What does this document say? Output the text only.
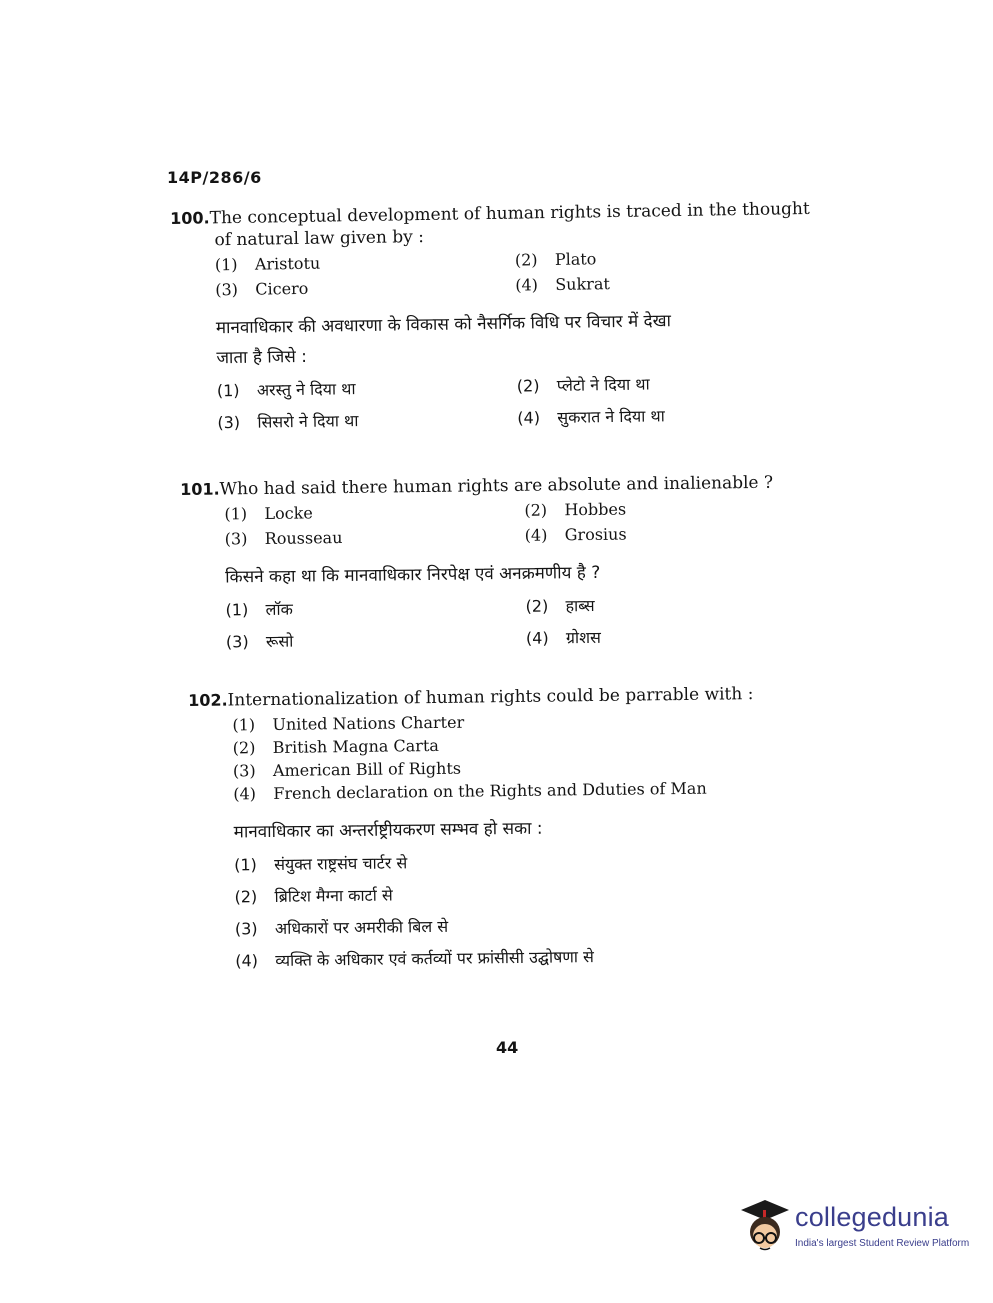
14P/286/6
100.The conceptual development of human rights is traced in the thought
of natural law given by :
(1) Aristotu	(2) Plato
(3) Cicero	(4) Sukrat
मानवाधिकार की अवधारणा के विकास को नैसर्गिक विधि पर विचार में देखा
जाता है जिसे :
(1) अरस्तु ने दिया था	(2) प्लेटो ने दिया था
(3) सिसरो ने दिया था	(4) सुकरात ने दिया था
101.Who had said there human rights are absolute and inalienable ?
(1) Locke	(2) Hobbes
(3) Rousseau	(4) Grosius
किसने कहा था कि मानवाधिकार निरपेक्ष एवं अनक्रमणीय है ?
(1) लॉक	(2) हाब्स
(3) रूसो	(4) ग्रोशस
102.Internationalization of human rights could be parrable with :
(1) United Nations Charter
(2) British Magna Carta
(3) American Bill of Rights
(4) French declaration on the Rights and Dduties of Man
मानवाधिकार का अन्तर्राष्ट्रीयकरण सम्भव हो सका :
(1) संयुक्त राष्ट्रसंघ चार्टर से
(2) ब्रिटिश मैग्ना कार्टा से
(3) अधिकारों पर अमरीकी बिल से
(4) व्यक्ति के अधिकार एवं कर्तव्यों पर फ्रांसीसी उद्घोषणा से
44
collegedunia
India's largest Student Review Platform
